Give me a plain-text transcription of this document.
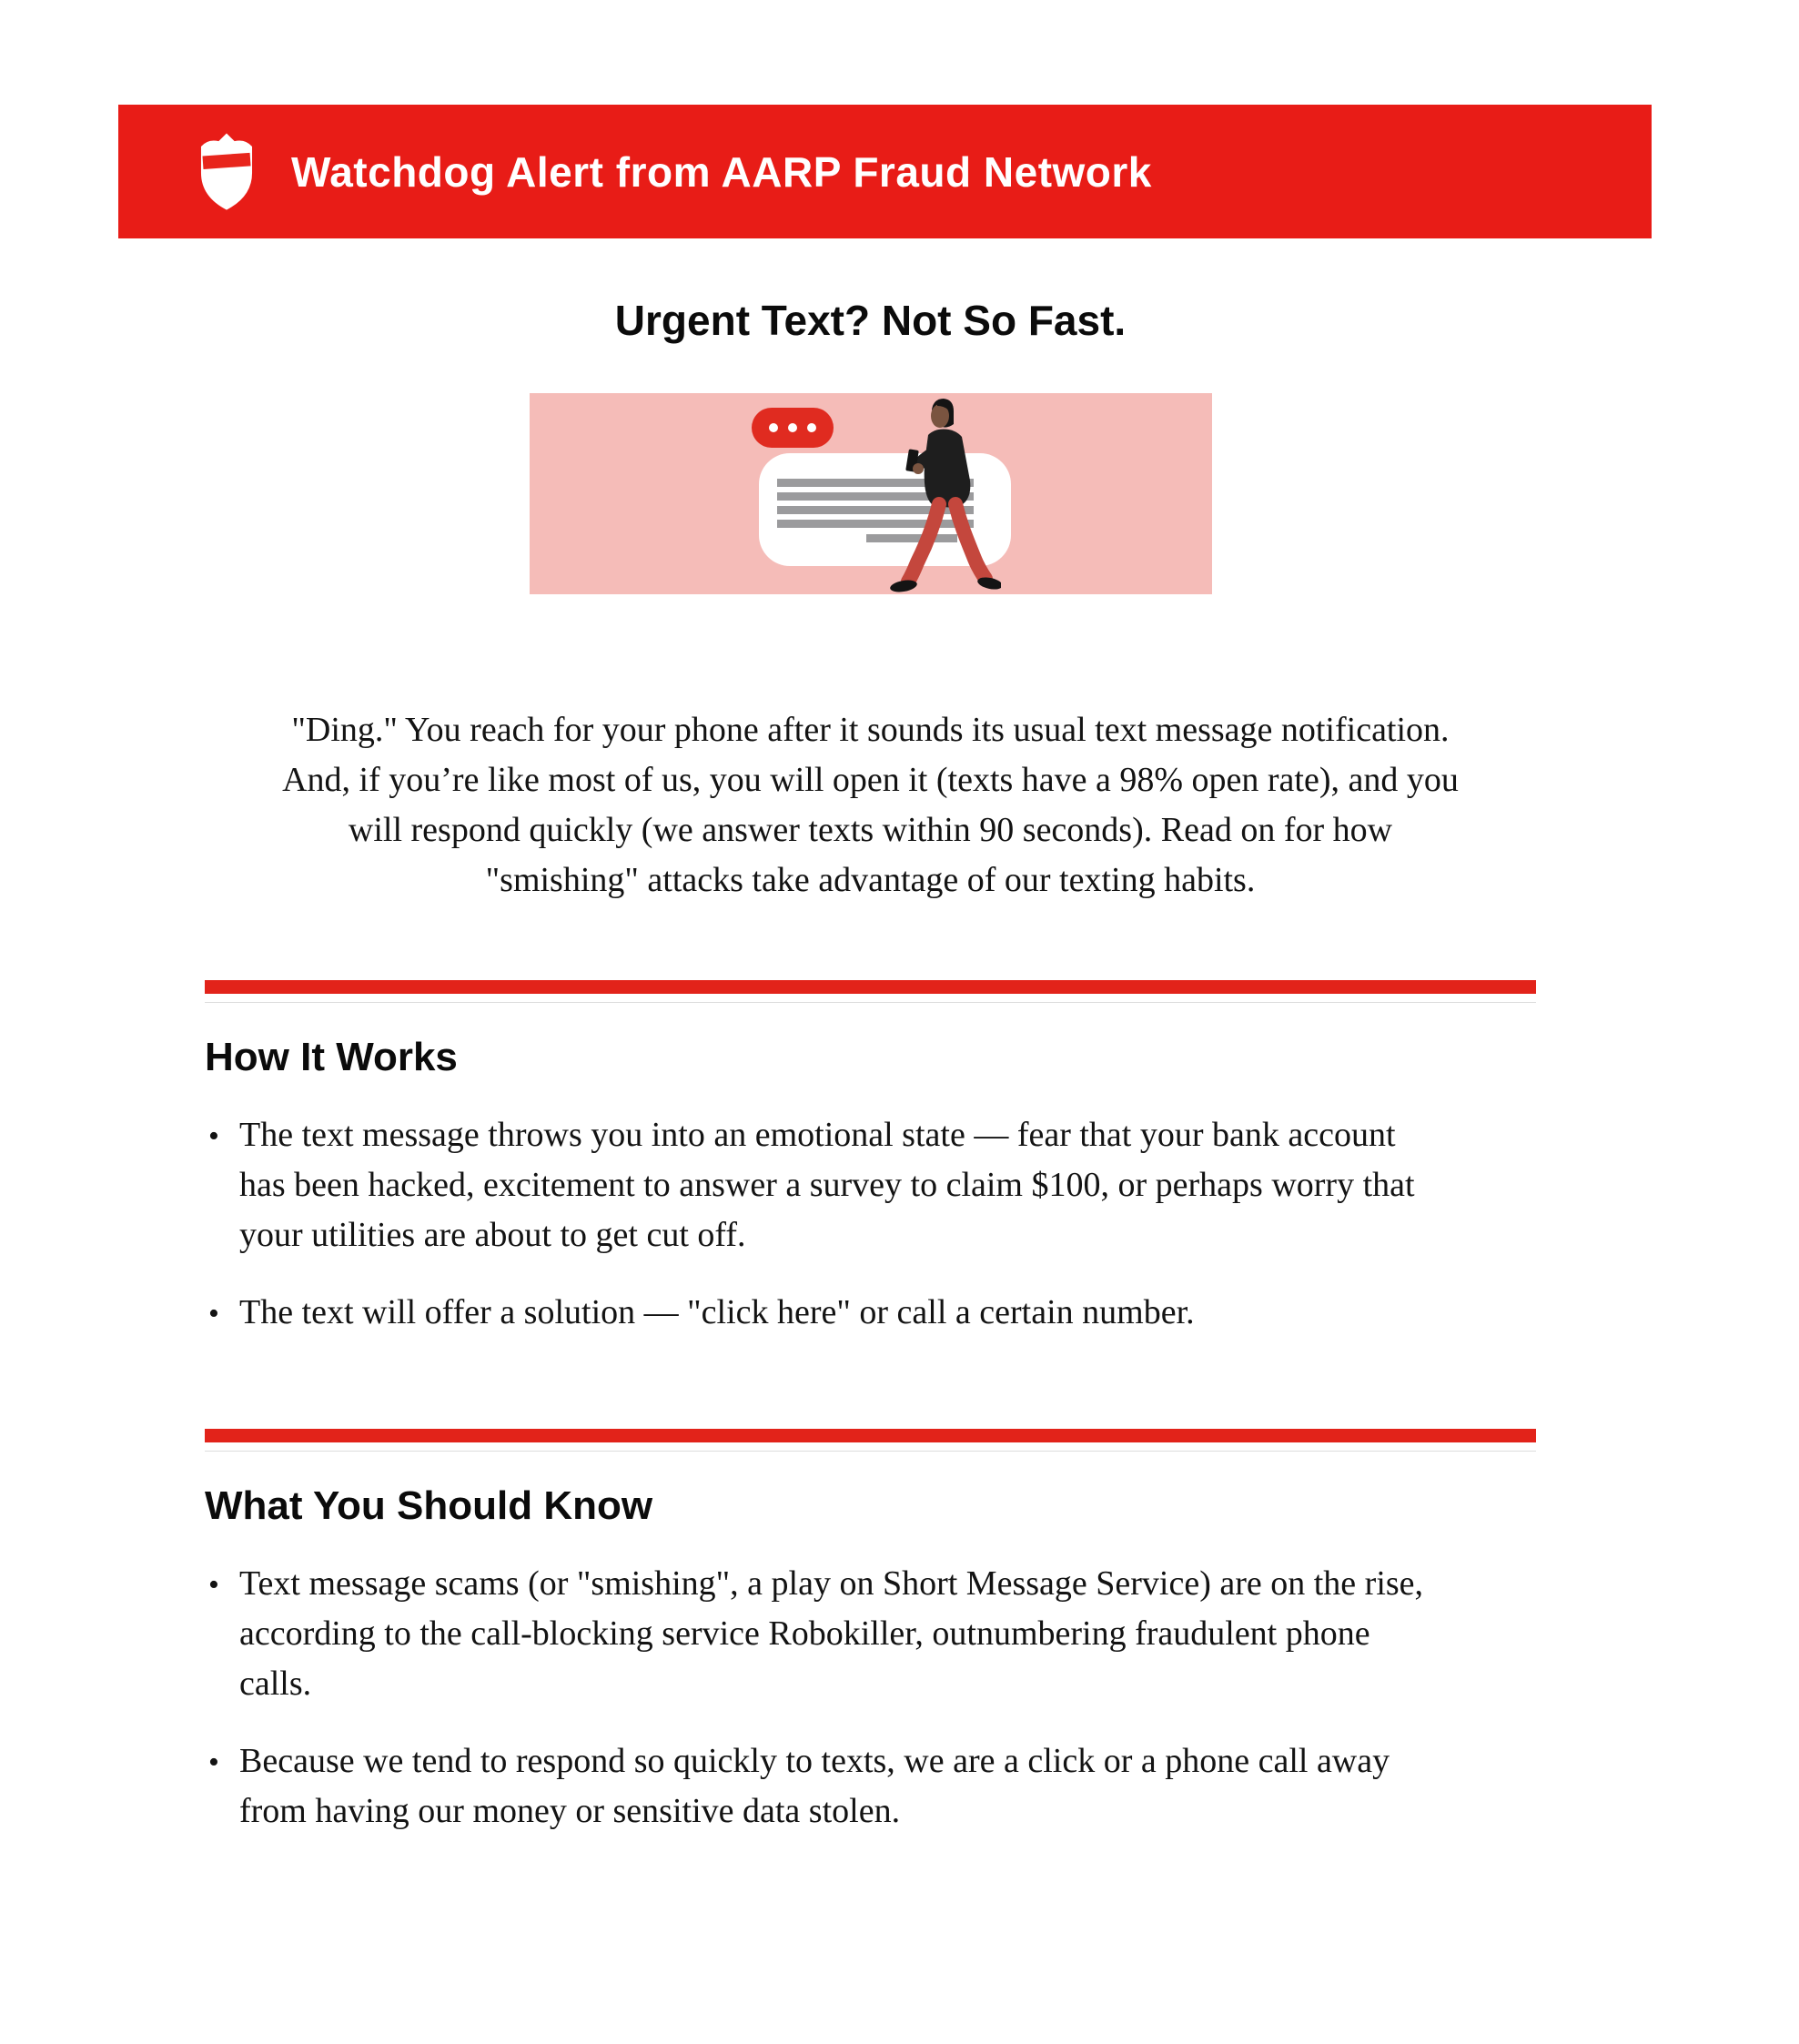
Watchdog Alert from AARP Fraud Network
Urgent Text? Not So Fast.

"Ding." You reach for your phone after it sounds its usual text message notification. And, if you’re like most of us, you will open it (texts have a 98% open rate), and you will respond quickly (we answer texts within 90 seconds). Read on for how "smishing" attacks take advantage of our texting habits.

How It Works
• The text message throws you into an emotional state — fear that your bank account has been hacked, excitement to answer a survey to claim $100, or perhaps worry that your utilities are about to get cut off.
• The text will offer a solution — "click here" or call a certain number.
What You Should Know
• Text message scams (or "smishing", a play on Short Message Service) are on the rise, according to the call-blocking service Robokiller, outnumbering fraudulent phone calls.
• Because we tend to respond so quickly to texts, we are a click or a phone call away from having our money or sensitive data stolen.
